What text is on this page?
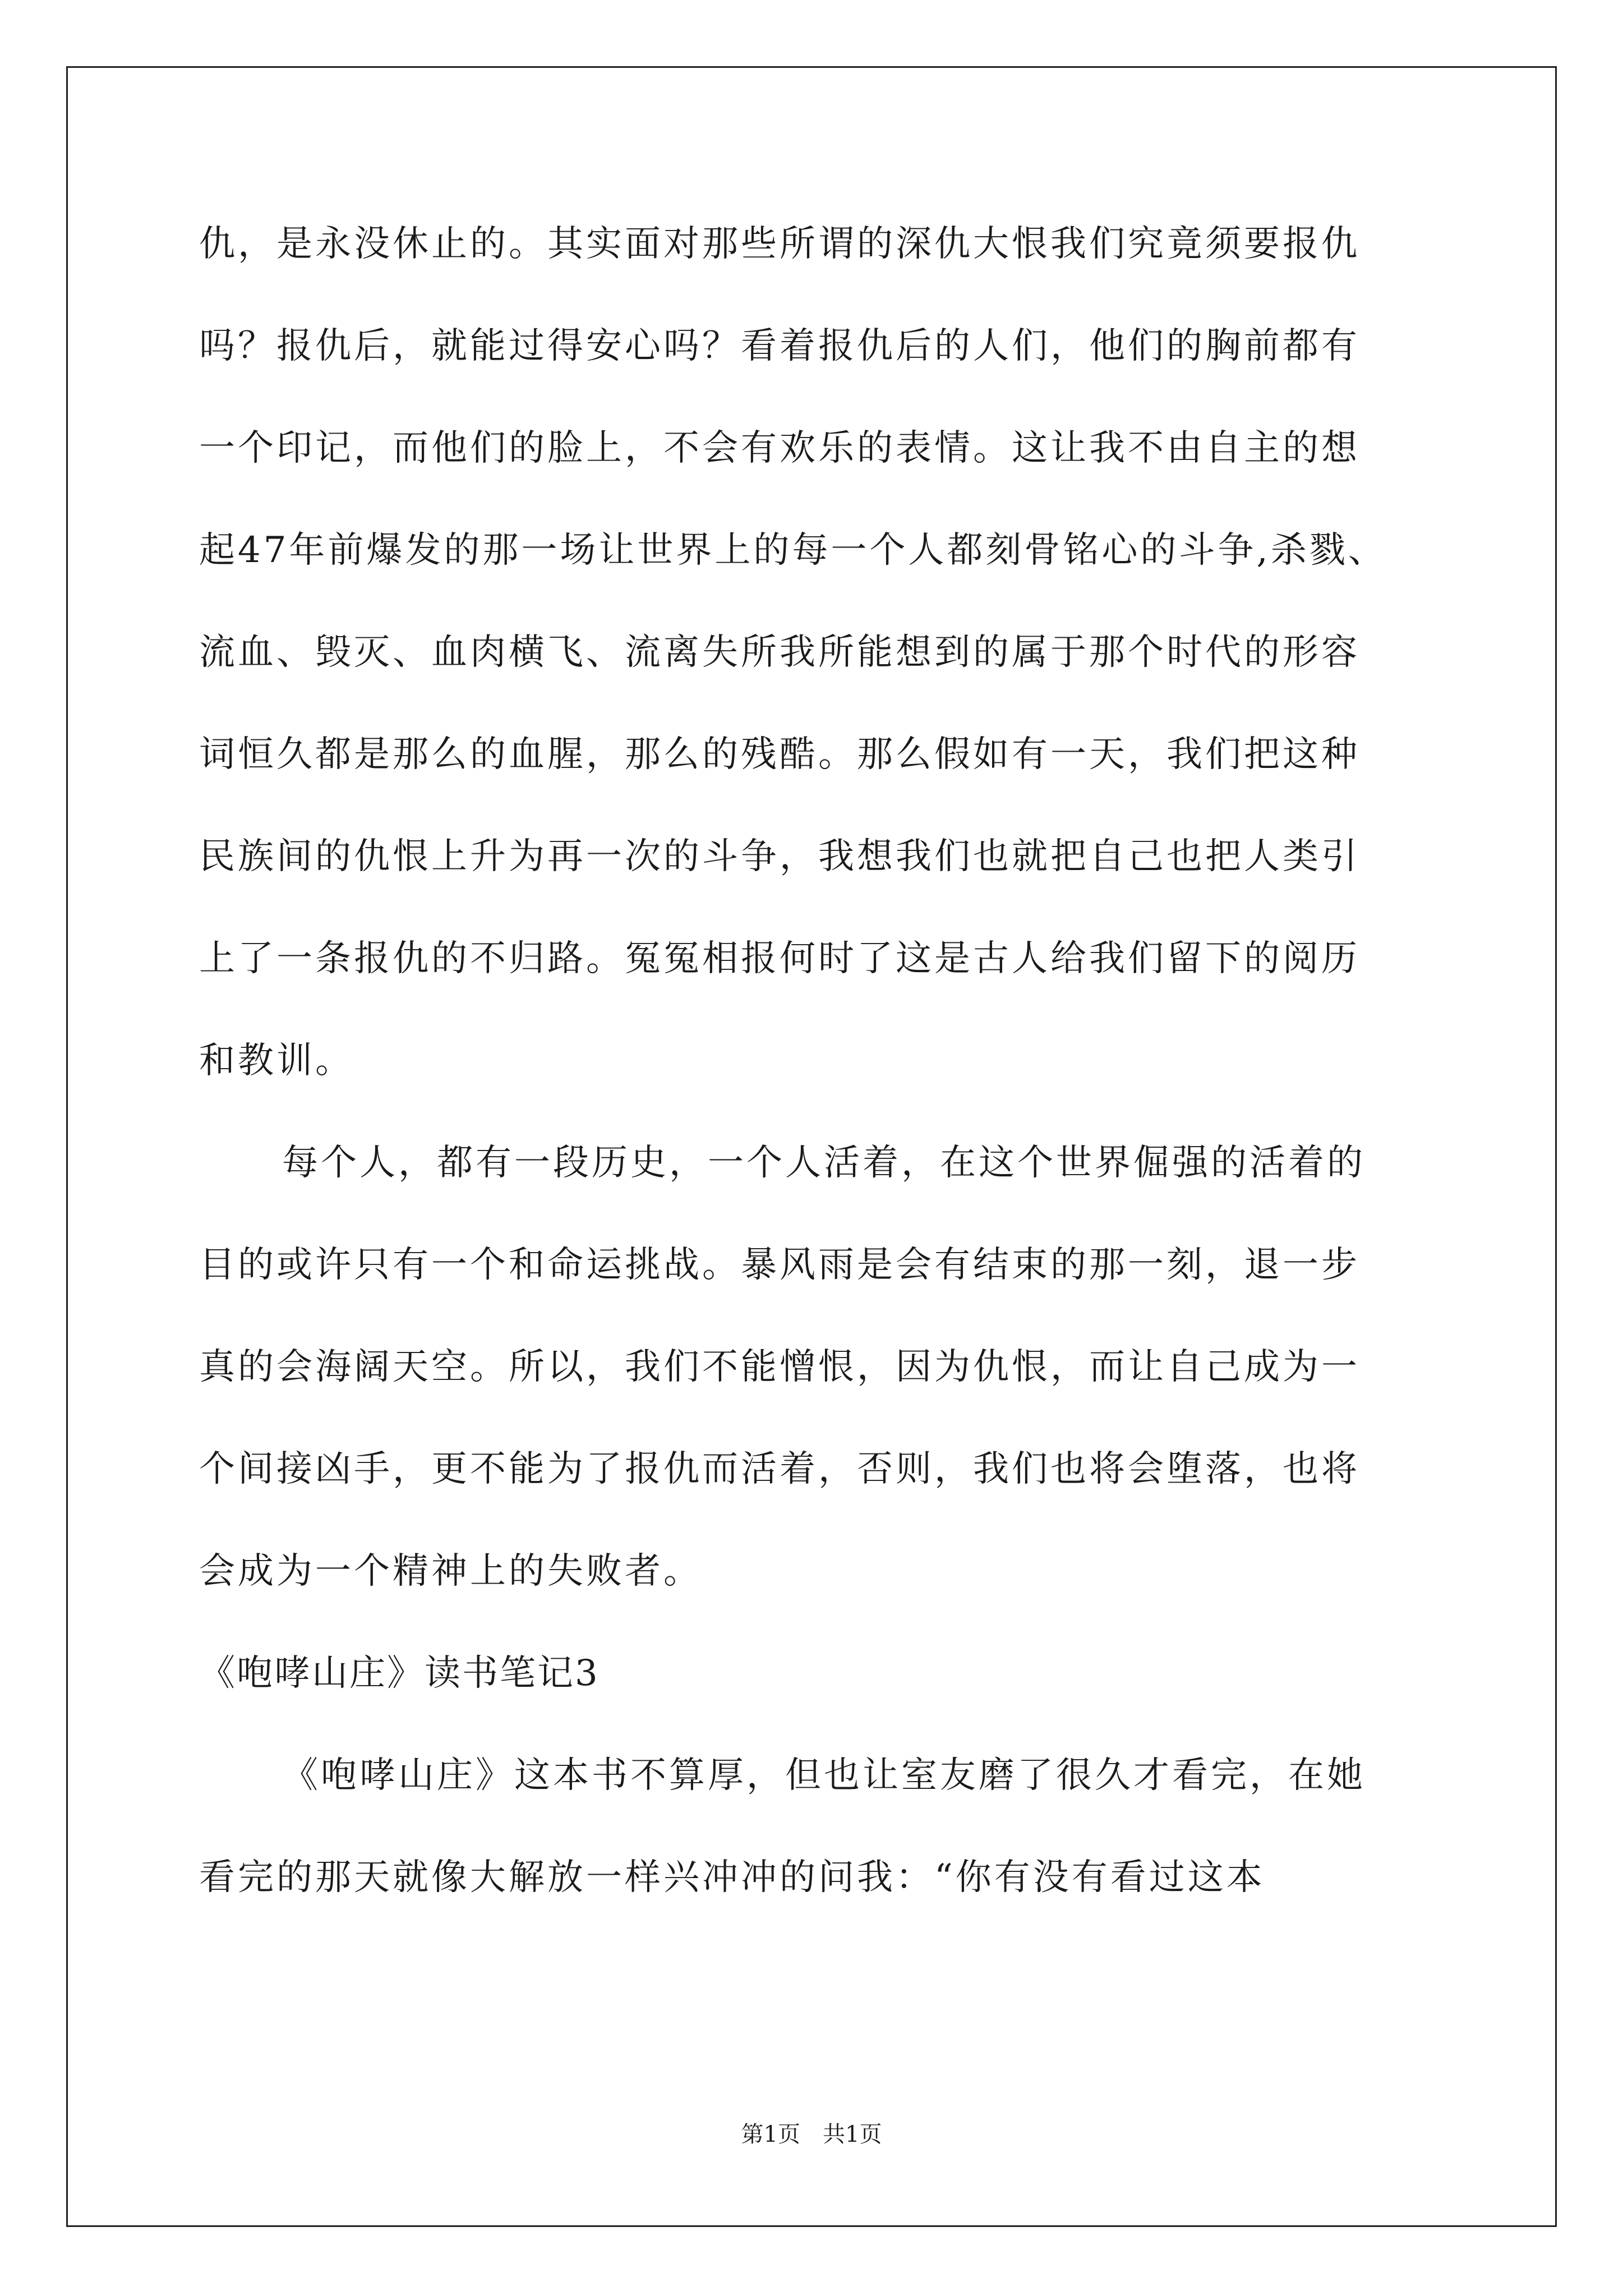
仇，是永没休止的。其实面对那些所谓的深仇大恨我们究竟须要报仇
吗？报仇后，就能过得安心吗？看着报仇后的人们，他们的胸前都有
一个印记，而他们的脸上，不会有欢乐的表情。这让我不由自主的想
起47年前爆发的那一场让世界上的每一个人都刻骨铭心的斗争,杀戮、
流血、毁灭、血肉横飞、流离失所我所能想到的属于那个时代的形容
词恒久都是那么的血腥，那么的残酷。那么假如有一天，我们把这种
民族间的仇恨上升为再一次的斗争，我想我们也就把自己也把人类引
上了一条报仇的不归路。冤冤相报何时了这是古人给我们留下的阅历
和教训。
每个人，都有一段历史，一个人活着，在这个世界倔强的活着的
目的或许只有一个和命运挑战。暴风雨是会有结束的那一刻，退一步
真的会海阔天空。所以，我们不能憎恨，因为仇恨，而让自己成为一
个间接凶手，更不能为了报仇而活着，否则，我们也将会堕落，也将
会成为一个精神上的失败者。
《咆哮山庄》读书笔记3
《咆哮山庄》这本书不算厚，但也让室友磨了很久才看完，在她
看完的那天就像大解放一样兴冲冲的问我：“你有没有看过这本
第1页　共1页
